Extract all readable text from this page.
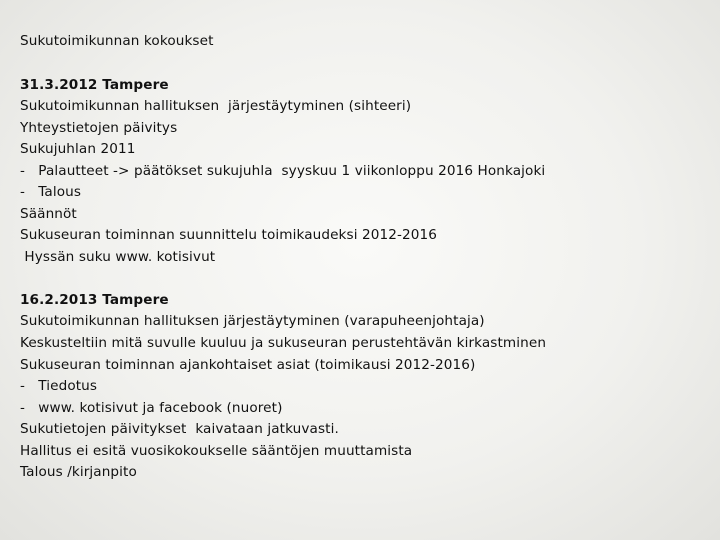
Sukutoimikunnan kokoukset
31.3.2012 Tampere
Sukutoimikunnan hallituksen  järjestäytyminen (sihteeri)
Yhteystietojen päivitys
Sukujuhlan 2011
-   Palautteet -> päätökset sukujuhla  syyskuu 1 viikonloppu 2016 Honkajoki
-   Talous
Säännöt
Sukuseuran toiminnan suunnittelu toimikaudeksi 2012-2016
Hyssän suku www. kotisivut
16.2.2013 Tampere
Sukutoimikunnan hallituksen järjestäytyminen (varapuheenjohtaja)
Keskusteltiin mitä suvulle kuuluu ja sukuseuran perustehtävän kirkastminen
Sukuseuran toiminnan ajankohtaiset asiat (toimikausi 2012-2016)
-   Tiedotus
-   www. kotisivut ja facebook (nuoret)
Sukutietojen päivitykset  kaivataan jatkuvasti.
Hallitus ei esitä vuosikokoukselle sääntöjen muuttamista
Talous /kirjanpito
